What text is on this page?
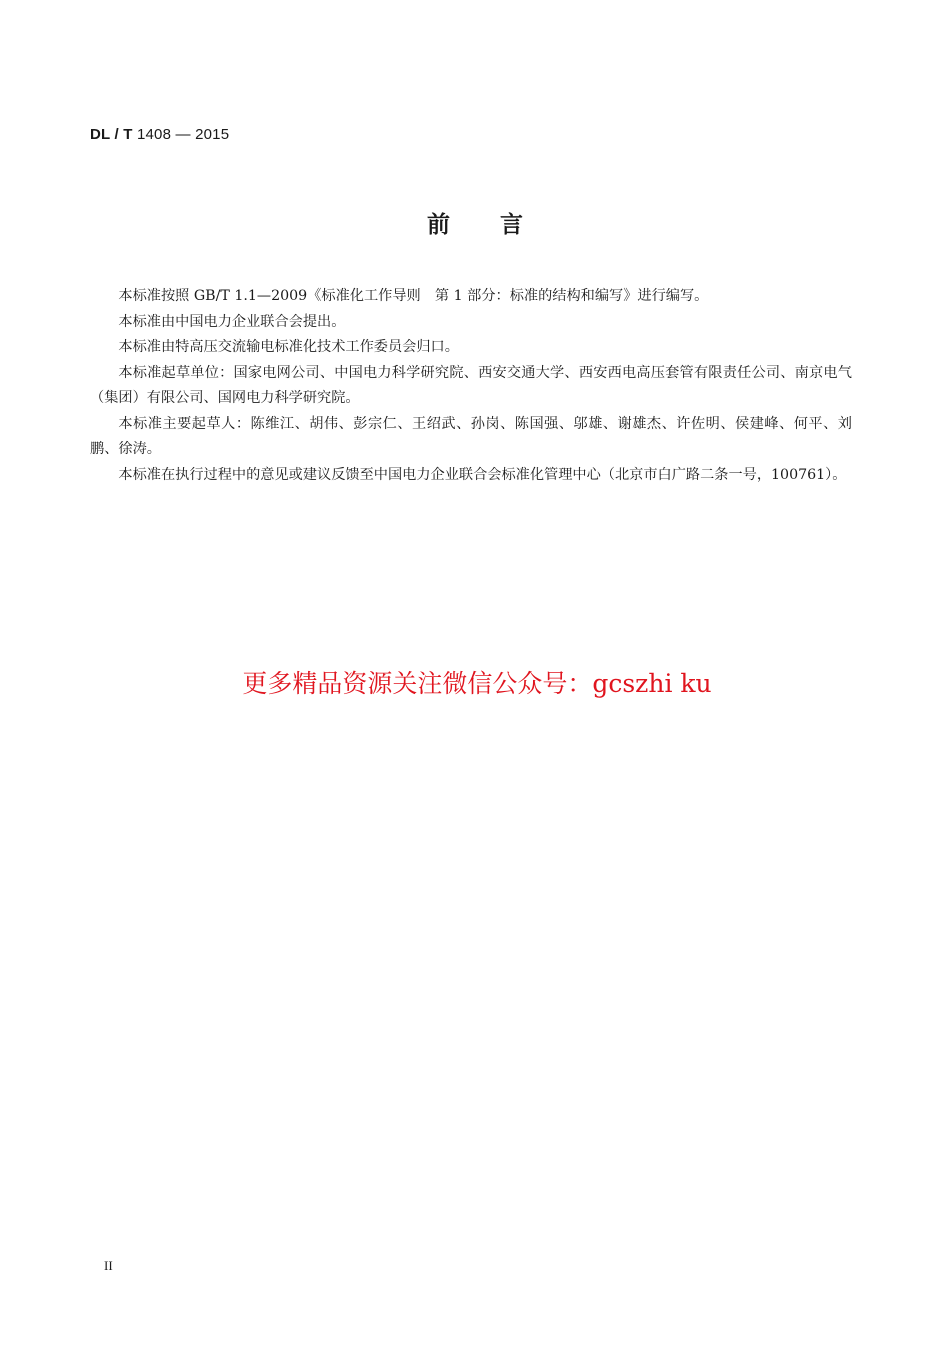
DL / T 1408 — 2015
前 言

本标准按照 GB/T 1.1—2009《标准化工作导则　第 1 部分：标准的结构和编写》进行编写。

本标准由中国电力企业联合会提出。

本标准由特高压交流输电标准化技术工作委员会归口。

本标准起草单位：国家电网公司、中国电力科学研究院、西安交通大学、西安西电高压套管有限责任公司、南京电气（集团）有限公司、国网电力科学研究院。

本标准主要起草人：陈维江、胡伟、彭宗仁、王绍武、孙岗、陈国强、邬雄、谢雄杰、许佐明、侯建峰、何平、刘鹏、徐涛。

本标准在执行过程中的意见或建议反馈至中国电力企业联合会标准化管理中心（北京市白广路二条一号，100761）。

更多精品资源关注微信公众号：gcszhi ku
II
